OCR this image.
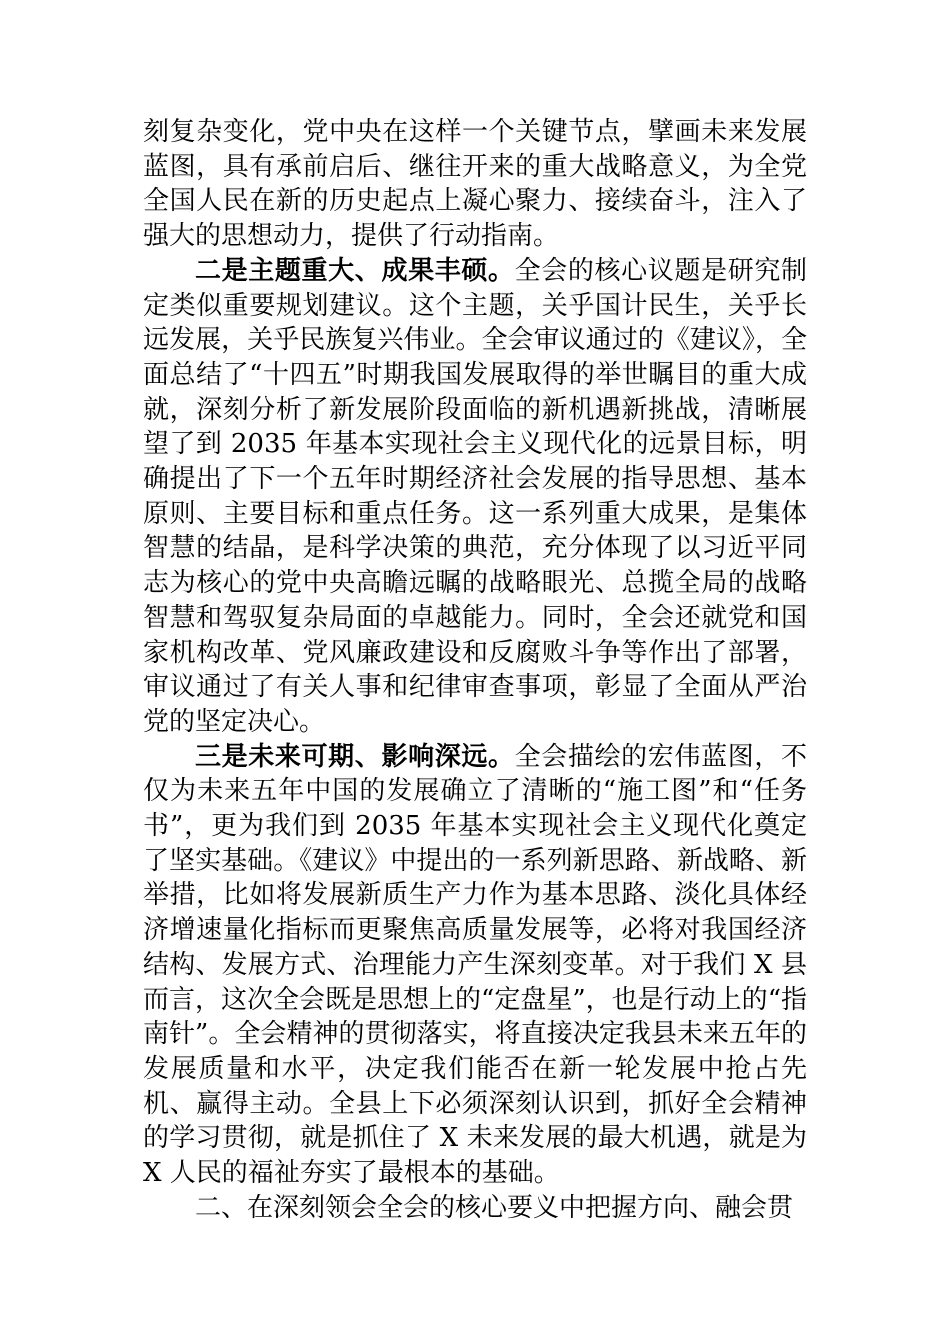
刻复杂变化，党中央在这样一个关键节点，擘画未来发展蓝图，具有承前启后、继往开来的重大战略意义，为全党全国人民在新的历史起点上凝心聚力、接续奋斗，注入了强大的思想动力，提供了行动指南。

二是主题重大、成果丰硕。全会的核心议题是研究制定类似重要规划建议。这个主题，关乎国计民生，关乎长远发展，关乎民族复兴伟业。全会审议通过的《建议》，全面总结了“十四五”时期我国发展取得的举世瞩目的重大成就，深刻分析了新发展阶段面临的新机遇新挑战，清晰展望了到 2035 年基本实现社会主义现代化的远景目标，明确提出了下一个五年时期经济社会发展的指导思想、基本原则、主要目标和重点任务。这一系列重大成果，是集体智慧的结晶，是科学决策的典范，充分体现了以习近平同志为核心的党中央高瞻远瞩的战略眼光、总揽全局的战略智慧和驾驭复杂局面的卓越能力。同时，全会还就党和国家机构改革、党风廉政建设和反腐败斗争等作出了部署，审议通过了有关人事和纪律审查事项，彰显了全面从严治党的坚定决心。

三是未来可期、影响深远。全会描绘的宏伟蓝图，不仅为未来五年中国的发展确立了清晰的“施工图”和“任务书”，更为我们到 2035 年基本实现社会主义现代化奠定了坚实基础。《建议》中提出的一系列新思路、新战略、新举措，比如将发展新质生产力作为基本思路、淡化具体经济增速量化指标而更聚焦高质量发展等，必将对我国经济结构、发展方式、治理能力产生深刻变革。对于我们 X 县而言，这次全会既是思想上的“定盘星”，也是行动上的“指南针”。全会精神的贯彻落实，将直接决定我县未来五年的发展质量和水平，决定我们能否在新一轮发展中抢占先机、赢得主动。全县上下必须深刻认识到，抓好全会精神的学习贯彻，就是抓住了 X 未来发展的最大机遇，就是为 X 人民的福祉夯实了最根本的基础。

二、在深刻领会全会的核心要义中把握方向、融会贯
